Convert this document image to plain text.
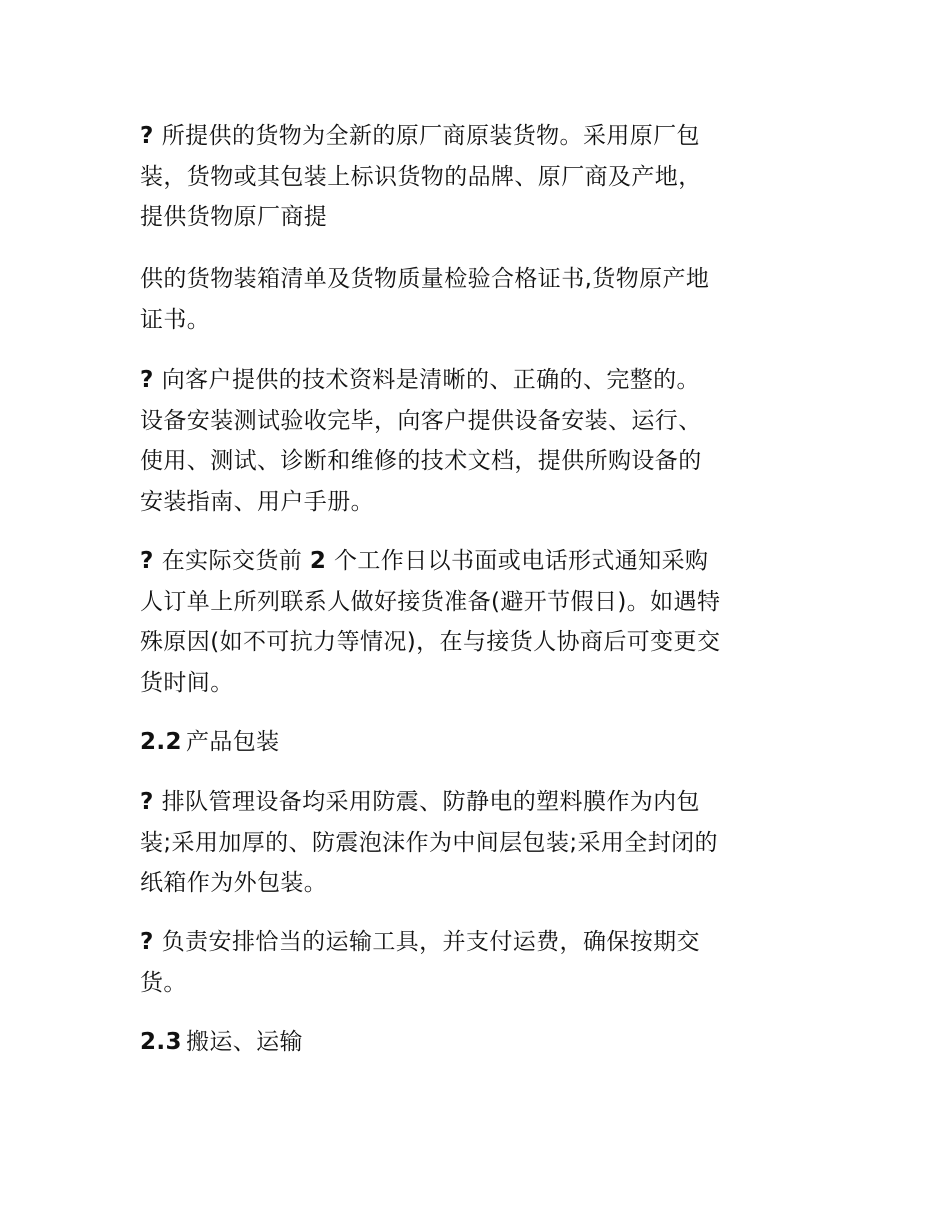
? 所提供的货物为全新的原厂商原装货物。采用原厂包
装，货物或其包装上标识货物的品牌、原厂商及产地，
提供货物原厂商提
供的货物装箱清单及货物质量检验合格证书,货物原产地
证书。
? 向客户提供的技术资料是清晰的、正确的、完整的。
设备安装测试验收完毕，向客户提供设备安装、运行、
使用、测试、诊断和维修的技术文档，提供所购设备的
安装指南、用户手册。
? 在实际交货前 2 个工作日以书面或电话形式通知采购
人订单上所列联系人做好接货准备(避开节假日)。如遇特
殊原因(如不可抗力等情况)，在与接货人协商后可变更交
货时间。
2.2 产品包装
? 排队管理设备均采用防震、防静电的塑料膜作为内包
装;采用加厚的、防震泡沫作为中间层包装;采用全封闭的
纸箱作为外包装。
? 负责安排恰当的运输工具，并支付运费，确保按期交
货。
2.3 搬运、运输
